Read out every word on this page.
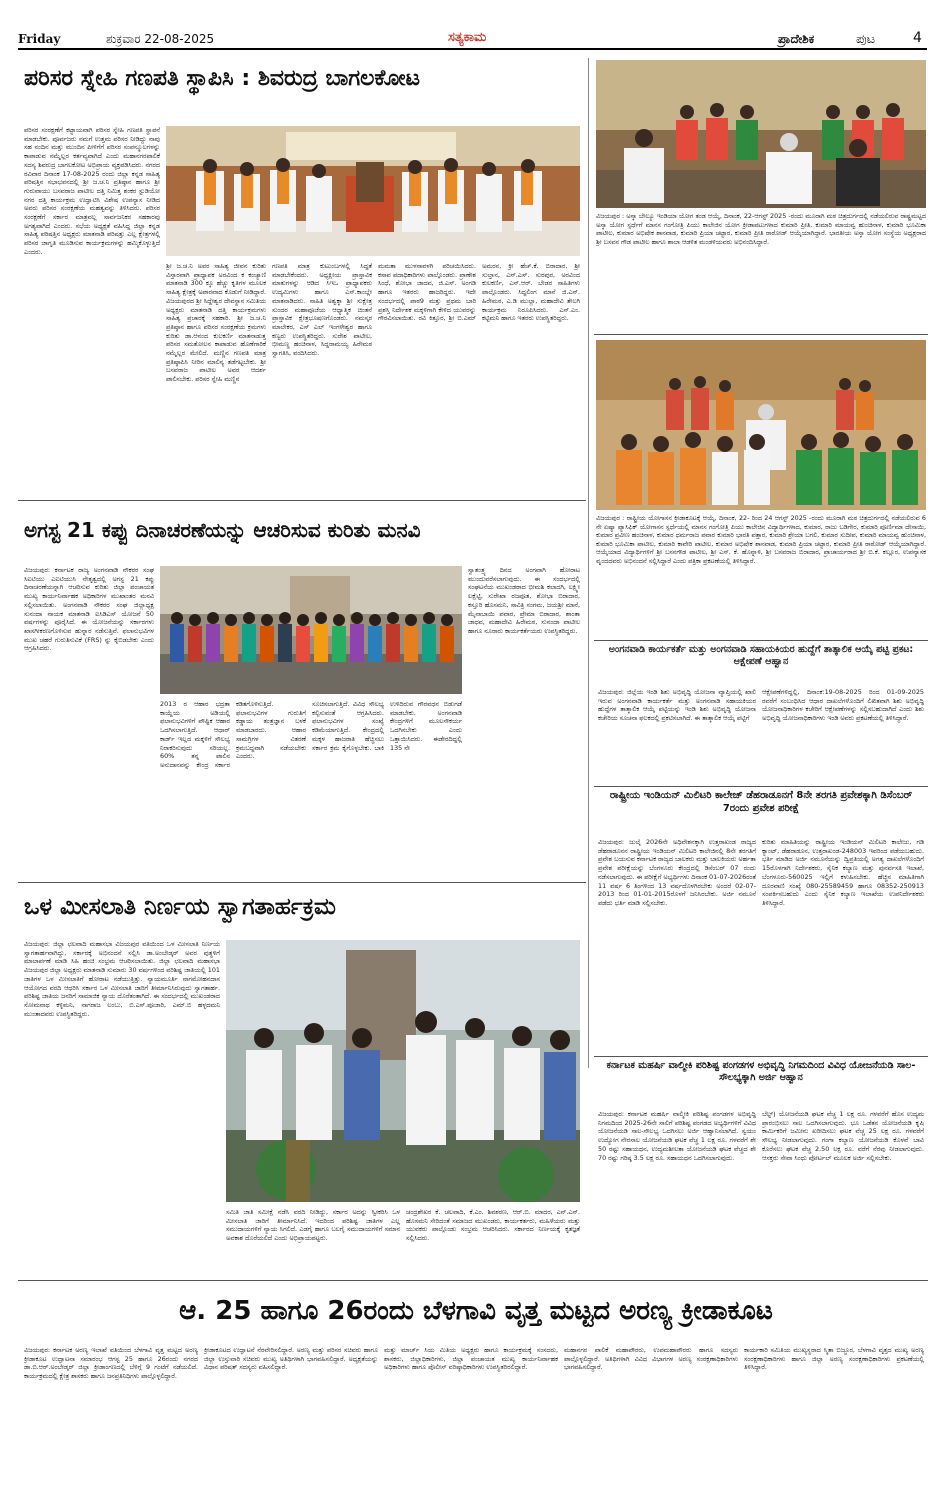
Friday	ಶುಕ್ರವಾರ 22-08-2025	ಸತ್ಯಕಾಮ	ಪ್ರಾದೇಶಿಕ	ಪುಟ	4
ಪರಿಸರ ಸ್ನೇಹಿ ಗಣಪತಿ ಸ್ಥಾಪಿಸಿ : ಶಿವರುದ್ರ ಬಾಗಲಕೋಟ
ಪರಿಸರ ಸಂರಕ್ಷಣೆಗೆ ಕಟ್ಟಾಯವಾಗಿ ಪರಿಸರ ಸ್ನೇಹಿ ಗಣಪತಿ ಸ್ಥಾಪನೆ ಮಾಡಬೇಕು. ಪೂರ್ವಜರು ನಮಗೆ ಉತ್ತಮ ಪರಿಸರ ನೀಡಿದ್ದು ನಾವು ಸಹ ನಂದಿನ ಮತ್ತು ಮುಂದಿನ ಪೀಳಿಗೆಗೆ ಪರಿಸರ ಸಂಪನ್ಮೂಲಗಳನ್ನು ಕಾಪಾಡುವ ನಮ್ಮೆಲ್ಲರ ಕರ್ತವ್ಯವಾಗಿದೆ ಎಂದು ಮಹಾನಗರಪಾಲಿಕೆ ಸದಸ್ಯ ಶಿವರುದ್ರ ಬಾಗಲಕೋಟ ಅಭಿಪ್ರಾಯ ವ್ಯಕ್ತಪಡಿಸಿದರು. ನಗರದ ರವಿವಾರ ದಿನಾಂಕ 17-08-2025 ರಂದು ಜಿಲ್ಲಾ ಕನ್ನಡ ಸಾಹಿತ್ಯ ಪರಿಷತ್ತಿನ ಸಭಾಭವನದಲ್ಲಿ ಶ್ರೀ ಜ.ಚ.ನಿ ಪ್ರತಿಷ್ಠಾನ ಹಾಗೂ ಶ್ರೀ ಗುರುವಾಯು ಬಸವರಾಜ ಪಾಟೀಲ ದತ್ತಿ ನಿಮಿತ್ತ ಶಂಕರ ಸ್ಟುಡಿಯೋ ನಗರ ದತ್ತಿ ಕಾರ್ಯಕ್ರಮ ಉದ್ಘಾಟಿಸಿ ವಿಶೇಷ ಉಪನ್ಯಾಸ ನೀಡಿದ ಅವರು ಪರಿಸರ ಸಂರಕ್ಷಣೆಯ ಮಹತ್ವವನ್ನು ತಿಳಿಸಿದರು. ಪರಿಸರ ಸಂರಕ್ಷಣೆಗೆ ಸರ್ಕಾರ ಮಾತ್ರವಲ್ಲ ಸಾರ್ವಜನಿಕರ ಸಹಕಾರವು ಅಗತ್ಯವಾಗಿದೆ ಎಂದರು. ಸಭೆಯ ಅಧ್ಯಕ್ಷತೆ ವಹಿಸಿದ್ದ ಜಿಲ್ಲಾ ಕನ್ನಡ ಸಾಹಿತ್ಯ ಪರಿಷತ್ತಿನ ಅಧ್ಯಕ್ಷರು ಮಾತನಾಡಿ ಪರಿಷತ್ತು ಎಲ್ಲ ಕ್ಷೇತ್ರಗಳಲ್ಲಿ ಪರಿಸರ ಜಾಗೃತಿ ಮೂಡಿಸುವ ಕಾರ್ಯಕ್ರಮಗಳನ್ನು ಹಮ್ಮಿಕೊಳ್ಳುತ್ತಿದೆ ಎಂದರು.
ಶ್ರೀ ಜ.ಚ.ನಿ ಅವರ ಸಾಹಿತ್ಯ ಜೀವನ ಕುರಿತು ವಿಸ್ತಾರವಾಗಿ ಪ್ರಾಧ್ಯಾಪಕ ಅರವಿಂದ ಕ ಕಂಚ್ಯಾಣಿ ಮಾತನಾಡಿ 300 ಕ್ಕೂ ಹೆಚ್ಚು ಕೃತಿಗಳ ಮೂಲಕ ಸಾಹಿತ್ಯ ಕ್ಷೇತ್ರಕ್ಕೆ ಅಪಾರವಾದ ಕೊಡುಗೆ ನೀಡಿದ್ದಾರೆ. ವಿಜಯಪುರದ ಶ್ರೀ ಸಿದ್ದೇಶ್ವರ ದೇವಸ್ಥಾನ ಸಮಿತಿಯ ಅಧ್ಯಕ್ಷರು ಮಾತನಾಡಿ ದತ್ತಿ ಕಾರ್ಯಕ್ರಮಗಳು ಸಾಹಿತ್ಯ ಪ್ರಚಾರಕ್ಕೆ ಸಹಕಾರಿ. ಶ್ರೀ ಜ.ಚ.ನಿ ಪ್ರತಿಷ್ಠಾನ ಹಾಗೂ ಪರಿಸರ ಸಂರಕ್ಷಣೆಯ ಕ್ರಮಗಳು ಕುರಿತು ಡಾ.ಆನಂದ ಕುಲಕರ್ಣಿ ಮಾತನಾಡುತ್ತ ಪರಿಸರ ಸಮತೋಲನ ಕಾಪಾಡುವ ಹೊಣೆಗಾರಿಕೆ ನಮ್ಮೆಲ್ಲರ ಮೇಲಿದೆ. ಮಣ್ಣಿನ ಗಣಪತಿ ಮಾತ್ರ ಪ್ರತಿಷ್ಠಾಪಿಸಿ ನೀರಿನ ಮಾಲಿನ್ಯ ತಡೆಗಟ್ಟಬೇಕು. ಶ್ರೀ ಬಸವರಾಜ ಪಾಟೀಲ ಅವರ ಆದರ್ಶ ಪಾಲಿಸಬೇಕು. ಪರಿಸರ ಸ್ನೇಹಿ ಮಣ್ಣಿನ
ಗಣಪತಿ ಮಾತ್ರ ಕುಟುಂಬಗಳಲ್ಲಿ ಸಿದ್ಧತೆ ಮಾಡಬೇಕೆಂದರು. ಅಧ್ಯಕ್ಷೀಯ ಪ್ರಾಸ್ತಾವಿಕ ಮಾತುಗಳನ್ನು ಆಡಿದ ಸಿಇಒ ಪ್ರಾಧ್ಯಾಪಕರು ಉದ್ಯಮಿಗಳು ಹಾಗೂ ಎಸ್.ಕಾಂಬ್ಲೇ ಮಾತನಾಡಿದರು. ಸಾಹಿತಿ ಅಶ್ವಕ್ಕಾ ಶ್ರೀ ಸುಕ್ಷೇತ್ರ ಸುಂದರ ಮಹಾಪೂಜೆಯ ಆಧ್ಯಾತ್ಮಿಕ ಚಿಂತನೆ ಪ್ರಾಸ್ತಾವಿಕ ಕ್ಷೇತ್ರಭೂಷಣಗೊಂಡರು. ನಮಸ್ಕರ ಮಾಲೇಕರ, ಎಸ್ ಎಲ್ ಇಂಗಳೇಶ್ವರ ಹಾಗೂ ಕಣ್ವರು ಉಪಸ್ಥಿತರಿದ್ದರು. ಸುರೇಶ ಪಾಟೀಲ, ಭೀಮಣ್ಣ ಹಂಚಿನಾಳ, ಸಿದ್ದರಾಮಯ್ಯ ಹಿರೇಮಠ ಸ್ವಾಗತಿಸಿ, ವಂದಿಸಿದರು.
ಮಮತಾ ಮುಳಸಾವಳಗಿ ಪರಿಚಯಿಸಿದರು. ಕಸಾಪ ಪದಾಧಿಕಾರಿಗಳು ಪಾಲ್ಗೊಂಡರು. ಪ್ರಾಣೇಶ ಸಿಂಧೆ, ಶೋಭಾ ಜಾದವ, ಜಿ.ಎಸ್. ಅಂಗಡಿ ಹಾಗೂ ಇತರರು ಹಾಜರಿದ್ದರು. ಇದೇ ಸಂದರ್ಭದಲ್ಲಿ ಪಾಠ9 ಮತ್ತು ಪ್ರಥಮ ಬಾರಿ ಪ್ರಶಸ್ತಿ ನಿರ್ದೇಶಕ ಮಕ್ಕಳಿಗಾಗಿ ಕೇಳಿದ ಯುವರನ್ನು ಗೌರವಿಸಲಾಯಿತು. ರವಿ ಕಿತ್ತೂರ, ಶ್ರೀ ಬಿ.ಎಮ್ ಅಮರನ, ಕ್ರೀ ಹೆಚ್.ಕೆ. ಬಿರಾದಾರ, ಶ್ರೀ ಸುಲ್ತಾನ, ಎಸ್.ಎಸ್. ಸುರಪುರ, ಅರವಿಂದ ಕುಲಕರ್ಣಿ, ಎಸ್.ಆರ್. ಬೇಡರ ಸಾಹಿತಿಗಳು ಪಾಲ್ಗೊಂಡರು. ಸಿದ್ಧಲಿಂಗ ಮಾನೆ ಜಿ.ಎಸ್. ಹಿರೇಮಠ, ಎ.ಡಿ ಮುಲ್ಲಾ, ಮಹಾದೇವಿ ತೇಲಗಿ ಕಾರ್ಯಕ್ರಮ ನಿರೂಪಿಸಿದರು. ಎಸ್.ಎಂ. ಕಟ್ಟಿಮನಿ ಹಾಗೂ ಇತರರು ಉಪಸ್ಥಿತರಿದ್ದರು.
ವಿಜಯಪುರ : ಅಸ್ಕಾ ಬೇಲ್ಯೂ ಇಂಡಿಯಾ ಯೋಗ ತಂಡ ಆಯ್ಕೆ, ದಿನಾಂಕ, 22-ಆಗಸ್ಟ್ 2025 -ರಂದು ಮೂರಾಗಿ ಮಠ ಚಿತ್ರದುರ್ಗದಲ್ಲಿ ನಡೆಯಲಿರುವ ರಾಷ್ಟ್ರಮಟ್ಟದ ಅಸ್ಕಾ ಯೋಗ ಸ್ಪರ್ಧೆಗೆ ಮಾನಸ ಗಂಗೋತ್ರಿ ಪಿಯು ಕಾಲೇಜಿನ ಯೋಗ ಕ್ರೀಡಾಪಟುಗಳಾದ ಕುಮಾರಿ ಪ್ರೀತಿ, ಕುಮಾರಿ ಮಾಯವ್ವ ಹುಂಚಿನಾಳ, ಕುಮಾರಿ ಭೂಮಿಕಾ ಪಾಟೀಲ, ಕುಮಾರ ಅಭಿಷೇಕ ಶಾನವಾಡ, ಕುಮಾರಿ ಪ್ರಿಯಾ ಚಟ್ಟಾರ, ಕುಮಾರಿ ಪ್ರೀತಿ ರಾಠೋಡ್ ಆಯ್ಕೆಯಾಗಿದ್ದಾರೆ. ಭಾರತೀಯ ಅಸ್ಕಾ ಯೋಗ ಸಂಸ್ಥೆಯ ಅಧ್ಯಕ್ಷರಾದ ಶ್ರೀ ಬಸವನ ಗೌಡ ಪಾಟೀಲ ಹಾಗೂ ಶಾಲಾ ಆಡಳಿತ ಮಂಡಳಿಯವರು ಅಭಿನಂದಿಸಿದ್ದಾರೆ.
ವಿಜಯಪುರ : ರಾಷ್ಟ್ರೀಯ ಯೋಗಾಸನ ಕ್ರೀಡಾಕೂಟಕ್ಕೆ ಆಯ್ಕೆ, ದಿನಾಂಕ, 22- ರಿಂದ 24 ಆಗಸ್ಟ್ 2025 -ರಂದು ಮೂರಾಗಿ ಮಠ ಚಿತ್ರದುರ್ಗದಲ್ಲಿ ನಡೆಯಲಿರುವ 6 ನೇ ಏಷ್ಯಾ ಪ್ಯಾಸಿಫಿಕ್ ಯೋಗಾಸನ ಸ್ಪರ್ಧೆಯಲ್ಲಿ ಮಾನಸ ಗಂಗೋತ್ರಿ ಪಿಯು ಕಾಲೇಜಿನ ವಿದ್ಯಾರ್ಥಿಗಳಾದ, ಕುಮಾರ, ರಾಜು ಬಡಿಗೇರ, ಕುಮಾರಿ ಪೂರ್ಣಿಮಾ ದೇಸಾಯಿ, ಕುಮಾರ ಪ್ರವೀಣ ಹಂಚಿನಾಳ, ಕುಮಾರ ಧರ್ಮರಾಜ ಪವಾರ ಕುಮಾರಿ ಭಾರತಿ ಪತ್ತಾರ, ಕುಮಾರಿ ಶ್ರೇಯಾ ಬಗಲಿ, ಕುಮಾರ ಸುದೀಪ, ಕುಮಾರಿ ಮಾಯವ್ವ ಹುಂಚಿನಾಳ, ಕುಮಾರಿ ಭೂಮಿಕಾ ಪಾಟೀಲ, ಕುಮಾರಿ ಕಾವೇರಿ ಪಾಟೀಲ, ಕುಮಾರ ಅಭಿಷೇಕ ಶಾನವಾಡ, ಕುಮಾರಿ ಪ್ರಿಯಾ ಚಟ್ಟಾರ, ಕುಮಾರಿ ಪ್ರೀತಿ ರಾಠೋಡ್ ಆಯ್ಕೆಯಾಗಿದ್ದಾರೆ. ಆಯ್ಕೆಯಾದ ವಿದ್ಯಾರ್ಥಿಗಳಿಗೆ ಶ್ರೀ ಬಸನಗೌಡ ಪಾಟೀಲ, ಶ್ರೀ ಎಸ್. ಕೆ. ಹೊನ್ನಾಳಿ, ಶ್ರೀ ಬಸವರಾಜ ಬಿರಾದಾರ, ಪ್ರಾಚಾರ್ಯರಾದ ಶ್ರೀ ಬಿ.ಕೆ. ಕಲ್ಲೂರ, ಉಪನ್ಯಾಸಕ ವೃಂದದವರು ಅಭಿನಂದನೆ ಸಲ್ಲಿಸಿದ್ದಾರೆ ಎಂದು ಪತ್ರಿಕಾ ಪ್ರಕಟಣೆಯಲ್ಲಿ ತಿಳಿಸಿದ್ದಾರೆ.
ಅಗಸ್ಟ 21 ಕಪ್ಪು ದಿನಾಚರಣೆಯನ್ನು ಆಚರಿಸುವ ಕುರಿತು ಮನವಿ
ವಿಜಯಪುರ: ಕರ್ನಾಟಕ ರಾಜ್ಯ ಅಂಗನವಾಡಿ ನೌಕರರ ಸಂಘ ಸಿಐಟಿಯು ಎಐಟಿಯುಸಿ ನೇತೃತ್ವದಲ್ಲಿ ಅಗಸ್ಟ 21 ಕಪ್ಪು ದಿನಾಚರಣೆಯನ್ನಾಗಿ ಆಚರಿಸುವ ಕುರಿತು ಜಿಲ್ಲಾ ಪಂಚಾಯತ ಮುಖ್ಯ ಕಾರ್ಯನಿರ್ವಾಹಕ ಅಧಿಕಾರಿಗಳ ಮುಖಾಂತರ ಮನವಿ ಸಲ್ಲಿಸಲಾಯಿತು. ಅಂಗನವಾಡಿ ನೌಕರರ ಸಂಘ ಜಿಲ್ಲಾಧ್ಯಕ್ಷ ಸುನಂದಾ ನಾಯಕ ಮಾತನಾಡಿ ಐಸಿಡಿಎಸ್ ಯೋಜನೆ 50 ವರ್ಷಗಳನ್ನು ಪೂರೈಸಿದೆ. ಈ ಯೋಜನೆಯನ್ನು ಸರ್ಕಾರಗಳು ಖಾಸಗೀಕರಣಗೊಳಿಸುವ ಹುನ್ನಾರ ನಡೆಸುತ್ತಿವೆ. ಫಲಾನುಭವಿಗಳ ಮುಖ ಚಹರೆ ಗುರುತಿಸುವಿಕೆ (FRS) ನ್ನು ಕೈಬಿಡಬೇಕು ಎಂದು ಆಗ್ರಹಿಸಿದರು.
2013 ರ ಆಹಾರ ಭದ್ರತಾ ಕಾಯ್ದೆಯ ಅಡಿಯಲ್ಲಿ ಫಲಾನುಭವಿಗಳಿಗೆ ಪೌಷ್ಟಿಕ ಆಹಾರ ಒದಗಿಸಲಾಗುತ್ತಿದೆ. ಆಧಾರ್ ಕಾರ್ಡ್ ಇಲ್ಲದ ಮಕ್ಕಳಿಗೆ ಸೌಲಭ್ಯ ನಿರಾಕರಿಸುವುದು ಸರಿಯಲ್ಲ. 60% ತನ್ನ ಪಾಲಿನ ಅನುದಾನವನ್ನು ಕೇಂದ್ರ ಸರ್ಕಾರ ಕಡಿತಗೊಳಿಸುತ್ತಿದೆ. ಫಲಾನುಭವಿಗಳ ಗುರುತಿಗೆ ಕಡ್ಡಾಯ ತಂತ್ರಜ್ಞಾನ ಬಳಕೆ ಮಾಡಬಾರದು. ಆಹಾರ ಸಾಮಗ್ರಿಗಳ ವಿತರಣೆ ಕ್ರಮಬದ್ಧವಾಗಿ ನಡೆಯಬೇಕು ಎಂದರು.
ಸೂಚಿಸಲಾಗುತ್ತಿದೆ. ವಿವಿಧ ಸೌಲಭ್ಯ ಕಲ್ಪಿಸುವಂತೆ ಆಗ್ರಹಿಸಿದರು. ಫಲಾನುಭವಿಗಳ ಸಂಖ್ಯೆ ಕಡಿಮೆಯಾಗುತ್ತಿದೆ. ಕೇಂದ್ರದಲ್ಲಿ ಮಕ್ಕಳ ಹಾಜರಾತಿ ಹೆಚ್ಚಿಸಲು ಸರ್ಕಾರ ಕ್ರಮ ಕೈಗೊಳ್ಳಬೇಕು. ಬಾಕಿ ಉಳಿದಿರುವ ಗೌರವಧನ ಬಿಡುಗಡೆ ಮಾಡಬೇಕು. ಅಂಗನವಾಡಿ ಕೇಂದ್ರಗಳಿಗೆ ಮೂಲಸೌಕರ್ಯ ಒದಗಿಸಬೇಕು ಎಂದು ಒತ್ತಾಯಿಸಿದರು. ಈಡೇರದಿದ್ದಲ್ಲಿ 135 ನೇ
ಸ್ವಾತಂತ್ರ್ಯ ದಿನದ ಅಂಗವಾಗಿ ಹೋರಾಟ ಮುಂದುವರೆಸಲಾಗುವುದು. ಈ ಸಂದರ್ಭದಲ್ಲಿ ಸಂಘಟನೆಯ ಮುಖಂಡರಾದ ಭೀಮಶಿ ಕಲಾದಗಿ, ಲಕ್ಷ್ಮೀ ಲಕ್ಷೆಟ್ಟಿ, ಸುರೇಖಾ ರಜಪೂತ, ಶೋಭಾ ಬಿರಾದಾರ, ಕಸ್ತೂರಿ ಹೊಸಮನಿ, ಸಾವಿತ್ರಿ ಸಂಗಮ, ಜಯಶ್ರೀ ಮಾನೆ, ಮೈನಾಬಾಯಿ ಪವಾರ, ಪ್ರೇಮಾ ಬಿರಾದಾರ, ಶಾಂತಾ ಜಾಧವ, ಮಹಾದೇವಿ ಹಿರೇಮಠ, ಸುನಂದಾ ಪಾಟೀಲ ಹಾಗೂ ನೂರಾರು ಕಾರ್ಯಕರ್ತೆಯರು ಉಪಸ್ಥಿತರಿದ್ದರು.
ಅಂಗನವಾಡಿ ಕಾರ್ಯಕರ್ತೆ ಮತ್ತು ಅಂಗನವಾಡಿ ಸಹಾಯಕಿಯರ ಹುದ್ದೆಗೆ ತಾತ್ಕಾಲಿಕ ಆಯ್ಕೆ ಪಟ್ಟಿ ಪ್ರಕಟ: ಆಕ್ಷೇಪಣೆ ಆಹ್ವಾನ
ವಿಜಯಪುರ: ಜಿಲ್ಲೆಯ ಇಂಡಿ ಶಿಶು ಅಭಿವೃದ್ಧಿ ಯೋಜನಾ ವ್ಯಾಪ್ತಿಯಲ್ಲಿ ಖಾಲಿ ಇರುವ ಅಂಗನವಾಡಿ ಕಾರ್ಯಕರ್ತೆ ಮತ್ತು ಅಂಗನವಾಡಿ ಸಹಾಯಕಿಯರ ಹುದ್ದೆಗಳ ತಾತ್ಕಾಲಿಕ ಆಯ್ಕೆ ಪಟ್ಟಿಯನ್ನು ಇಂಡಿ ಶಿಶು ಅಭಿವೃದ್ಧಿ ಯೋಜನಾ ಕಚೇರಿಯ ಸೂಚನಾ ಫಲಕದಲ್ಲಿ ಪ್ರಕಟಿಸಲಾಗಿದೆ. ಈ ತಾತ್ಕಾಲಿಕ ಆಯ್ಕೆ ಪಟ್ಟಿಗೆ
ಆಕ್ಷೇಪಣೆಗಳಿದ್ದಲ್ಲಿ, ದಿನಾಂಕ:19-08-2025 ರಿಂದ 01-09-2025 ರವರೆಗೆ ಸಂಬಂಧಿಸಿದ ಆಧಾರ ದಾಖಲೆಗಳೊಂದಿಗೆ ಲಿಖಿತವಾಗಿ ಶಿಶು ಅಭಿವೃದ್ಧಿ ಯೋಜನಾಧಿಕಾರಿಗಳ ಕಚೇರಿಗೆ ಆಕ್ಷೇಪಣೆಗಳನ್ನು ಸಲ್ಲಿಸಬಹುದಾಗಿದೆ ಎಂದು ಶಿಶು ಅಭಿವೃದ್ಧಿ ಯೋಜನಾಧಿಕಾರಿಗಳು ಇಂಡಿ ಅವರು ಪ್ರಕಟಣೆಯಲ್ಲಿ ತಿಳಿಸಿದ್ದಾರೆ.
ರಾಷ್ಟ್ರೀಯ ಇಂಡಿಯನ್ ಮಿಲಿಟರಿ ಕಾಲೇಜ್ ಡೆಹರಾಡೂನಗೆ 8ನೇ ತರಗತಿ ಪ್ರವೇಶಕ್ಕಾಗಿ ಡಿಸೆಂಬರ್ 7ರಂದು ಪ್ರವೇಶ ಪರೀಕ್ಷೆ
ವಿಜಯಪುರ: ಜುಲೈ 2026ನೇ ಅಧಿವೇಶನಕ್ಕಾಗಿ ಉತ್ತರಾಖಂಡ ರಾಜ್ಯದ ಡೆಹರಾಡೂನನ ರಾಷ್ಟ್ರೀಯ ಇಂಡಿಯನ್ ಮಿಲಿಟರಿ ಕಾಲೇಜಿನಲ್ಲಿ 8ನೇ ತರಗತಿಗೆ ಪ್ರವೇಶ ಬಯಸುವ ಕರ್ನಾಟಕ ರಾಜ್ಯದ ಬಾಲಕರು ಮತ್ತು ಬಾಲಕಿಯರು ಅರ್ಹತಾ ಪ್ರವೇಶ ಪರೀಕ್ಷೆಯನ್ನು ಬೆಂಗಳೂರು ಕೇಂದ್ರದಲ್ಲಿ ಡಿಸೆಂಬರ್ 07 ರಂದು ನಡೆಸಲಾಗುವುದು. ಈ ಪರೀಕ್ಷೆಗೆ ಅಭ್ಯರ್ಥಿಗಳು ದಿನಾಂಕ 01-07-2026ರಂತೆ 11 ವರ್ಷ 6 ತಿಂಗಳಿಂದ 13 ವರ್ಷದೊಳಗಿರಬೇಕು ಅಂದರೆ 02-07-2013 ರಿಂದ 01-01-2015ರೊಳಗೆ ಜನಿಸಿರಬೇಕು. ಅರ್ಜಿ ನಮೂನೆ ಪಡೆದು ಭರ್ತಿ ಮಾಡಿ ಸಲ್ಲಿಸಬೇಕು.
ಕುರಿತು ಮಾಹಿತಿಯನ್ನು ರಾಷ್ಟ್ರೀಯ ಇಂಡಿಯನ್ ಮಿಲಿಟರಿ ಕಾಲೇಜು, ಗಡಿ ಕ್ಯಾಂಟ್, ಡೆಹರಾಡೂನ, ಉತ್ತರಾಖಂಡ-248003 ಇವರಿಂದ ಪಡೆಯಬಹುದು. ಭರ್ತಿ ಮಾಡಿದ ಅರ್ಜಿ ನಮೂನೆಯನ್ನು ದ್ವಿಪ್ರತಿಯಲ್ಲಿ ಅಗತ್ಯ ದಾಖಲೆಗಳೊಂದಿಗೆ 15ರೊಳಗಾಗಿ ನಿರ್ದೇಶಕರು, ಸೈನಿಕ ಕಲ್ಯಾಣ ಮತ್ತು ಪುನರ್ವಸತಿ ಇಲಾಖೆ, ಬೆಂಗಳೂರು-560025 ಇಲ್ಲಿಗೆ ಕಳುಹಿಸಬೇಕು. ಹೆಚ್ಚಿನ ಮಾಹಿತಿಗಾಗಿ ದೂರವಾಣಿ ಸಂಖ್ಯೆ 080-25589459 ಹಾಗೂ 08352-250913 ಸಂಪರ್ಕಿಸಬಹುದು ಎಂದು ಸೈನಿಕ ಕಲ್ಯಾಣ ಇಲಾಖೆಯ ಉಪನಿರ್ದೇಶಕರು ತಿಳಿಸಿದ್ದಾರೆ.
ಒಳ ಮೀಸಲಾತಿ ನಿರ್ಣಯ ಸ್ವಾಗತಾರ್ಹಕ್ರಮ
ವಿಜಯಪುರ: ಜಿಲ್ಲಾ ಛಲವಾದಿ ಮಹಾಸಭಾ ವಿಜಯಪುರ ವತಿಯಿಂದ ಒಳ ಮೀಸಲಾತಿ ನಿರ್ಣಯ ಸ್ವಾಗತಾರ್ಹವಾಗಿದ್ದು, ಸರ್ಕಾರಕ್ಕೆ ಅಭಿನಂದನೆ ಸಲ್ಲಿಸಿ ಡಾ.ಅಂಬೇಡ್ಕರ್ ಅವರ ಪುತ್ಥಳಿಗೆ ಮಾಲಾರ್ಪಣೆ ಮಾಡಿ ಸಿಹಿ ಹಂಚಿ ಸಂಭ್ರಮ ಆಚರಿಸಲಾಯಿತು. ಜಿಲ್ಲಾ ಛಲವಾದಿ ಮಹಾಸಭಾ ವಿಜಯಪುರ ಜಿಲ್ಲಾ ಅಧ್ಯಕ್ಷರು ಮಾತನಾಡಿ ಸುಮಾರು 30 ವರ್ಷಗಳಿಂದ ಪರಿಶಿಷ್ಟ ಜಾತಿಯಲ್ಲಿ 101 ಜಾತಿಗಳ ಒಳ ಮೀಸಲಾತಿಗೆ ಹೋರಾಟ ನಡೆಯುತ್ತಿತ್ತು. ನ್ಯಾಯಮೂರ್ತಿ ನಾಗಮೋಹನದಾಸ ಆಯೋಗದ ವರದಿ ಆಧರಿಸಿ ಸರ್ಕಾರ ಒಳ ಮೀಸಲಾತಿ ಜಾರಿಗೆ ತೀರ್ಮಾನಿಸಿರುವುದು ಸ್ವಾಗತಾರ್ಹ. ಪರಿಶಿಷ್ಟ ಜಾತಿಯ ಜನರಿಗೆ ಸಾಮಾಜಿಕ ನ್ಯಾಯ ದೊರೆತಂತಾಗಿದೆ. ಈ ಸಂದರ್ಭದಲ್ಲಿ ಮುಖಂಡರಾದ ಸೋಮನಾಥ ಕಳ್ಳಿಮನಿ, ನಾಗರಾಜ ಲಂಬು, ಬಿ.ಎಸ್.ಪೂಜಾರಿ, ಎಮ್.ಬಿ ಹಳ್ಳದಮನಿ ಮುಂತಾದವರು ಉಪಸ್ಥಿತರಿದ್ದರು.
ಸಮಿತಿ ಜಾತಿ ಸಮೀಕ್ಷೆ ನಡೆಸಿ ವರದಿ ನೀಡಿದ್ದು, ಸರ್ಕಾರ ಅದನ್ನು ಸ್ವೀಕರಿಸಿ ಒಳ ಮೀಸಲಾತಿ ಜಾರಿಗೆ ತೀರ್ಮಾನಿಸಿದೆ. ಇದರಿಂದ ಪರಿಶಿಷ್ಟ ಜಾತಿಗಳ ಎಲ್ಲ ಸಮುದಾಯಗಳಿಗೆ ನ್ಯಾಯ ಸಿಗಲಿದೆ. ಎಡಗೈ ಹಾಗೂ ಬಲಗೈ ಸಮುದಾಯಗಳಿಗೆ ಸಮಾನ ಅವಕಾಶ ದೊರೆಯಲಿದೆ ಎಂದು ಅಭಿಪ್ರಾಯಪಟ್ಟರು.
ಚಂದ್ರಶೇಖರ ಕೆ. ಚಲವಾದಿ, ಕೆ.ಎಂ. ಶಿವಶರಣ, ಆರ್.ಬಿ. ಮಾದರ, ಎನ್.ಎಸ್. ಹೊಸಮನಿ ಸೇರಿದಂತೆ ಸಮಾಜದ ಮುಖಂಡರು, ಕಾರ್ಯಕರ್ತರು, ಮಹಿಳೆಯರು ಮತ್ತು ಯುವಕರು ಪಾಲ್ಗೊಂಡು ಸಂಭ್ರಮ ಆಚರಿಸಿದರು. ಸರ್ಕಾರದ ನಿರ್ಣಯಕ್ಕೆ ಕೃತಜ್ಞತೆ ಸಲ್ಲಿಸಿದರು.
ಕರ್ನಾಟಕ ಮಹರ್ಷಿ ವಾಲ್ಮೀಕಿ ಪರಿಶಿಷ್ಟ ಪಂಗಡಗಳ ಅಭಿವೃದ್ಧಿ ನಿಗಮದಿಂದ ವಿವಿಧ ಯೋಜನೆಯಡಿ ಸಾಲ-ಸೌಲಭ್ಯಕ್ಕಾಗಿ ಅರ್ಜಿ ಆಹ್ವಾನ
ವಿಜಯಪುರ: ಕರ್ನಾಟಕ ಮಹರ್ಷಿ ವಾಲ್ಮೀಕಿ ಪರಿಶಿಷ್ಟ ಪಂಗಡಗಳ ಅಭಿವೃದ್ಧಿ ನಿಗಮದಿಂದ 2025-26ನೇ ಸಾಲಿಗೆ ಪರಿಶಿಷ್ಟ ಪಂಗಡದ ಅಭ್ಯರ್ಥಿಗಳಿಗೆ ವಿವಿಧ ಯೋಜನೆಯಡಿ ಸಾಲ-ಸೌಲಭ್ಯ ಒದಗಿಸಲು ಅರ್ಜಿ ಆಹ್ವಾನಿಸಲಾಗಿದೆ. ಸ್ವಯಂ ಉದ್ಯೋಗ ನೇರಸಾಲ ಯೋಜನೆಯಡಿ ಘಟಕ ವೆಚ್ಚ 1 ಲಕ್ಷ ರೂ. ಗಳವರೆಗೆ ಶೇ 50 ರಷ್ಟು ಸಹಾಯಧನ, ಉದ್ಯಮಶೀಲತಾ ಯೋಜನೆಯಡಿ ಘಟಕ ವೆಚ್ಚದ ಶೇ 70 ರಷ್ಟು ಗರಿಷ್ಠ 3.5 ಲಕ್ಷ ರೂ. ಸಹಾಯಧನ ಒದಗಿಸಲಾಗುವುದು.
ಬೆಲ್ಟ್) ಯೋಜನೆಯಡಿ ಘಟಕ ವೆಚ್ಚ 1 ಲಕ್ಷ ರೂ. ಗಳವರೆಗೆ ಹೊಸ ಉದ್ಯಮ ಪ್ರಾರಂಭಿಸಲು ಸಾಲ ಒದಗಿಸಲಾಗುವುದು. ಭೂ ಒಡೆತನ ಯೋಜನೆಯಡಿ ಕೃಷಿ ಕಾರ್ಮಿಕರಿಗೆ ಜಮೀನು ಖರೀದಿಸಲು ಘಟಕ ವೆಚ್ಚ 25 ಲಕ್ಷ ರೂ. ಗಳವರೆಗೆ ಸೌಲಭ್ಯ ನೀಡಲಾಗುವುದು. ಗಂಗಾ ಕಲ್ಯಾಣ ಯೋಜನೆಯಡಿ ಕೊಳವೆ ಬಾವಿ ಕೊರೆಸಲು ಘಟಕ ವೆಚ್ಚ 2.50 ಲಕ್ಷ ರೂ. ವರೆಗೆ ನೆರವು ನೀಡಲಾಗುವುದು. ಆಸಕ್ತರು ಸೇವಾ ಸಿಂಧು ಪೋರ್ಟಲ್ ಮೂಲಕ ಅರ್ಜಿ ಸಲ್ಲಿಸಬೇಕು.
ಆ. 25 ಹಾಗೂ 26ರಂದು ಬೆಳಗಾವಿ ವೃತ್ತ ಮಟ್ಟದ ಅರಣ್ಯ ಕ್ರೀಡಾಕೂಟ
ವಿಜಯಪುರ: ಕರ್ನಾಟಕ ಅರಣ್ಯ ಇಲಾಖೆ ವತಿಯಿಂದ ಬೆಳಗಾವಿ ವೃತ್ತ ಮಟ್ಟದ ಅರಣ್ಯ ಕ್ರೀಡಾಕೂಟ ಉದ್ಘಾಟನಾ ಸಮಾರಂಭ ಆಗಸ್ಟ 25 ಹಾಗೂ 26ರಂದು ನಗರದ ಡಾ.ಬಿ.ಆರ್.ಅಂಬೇಡ್ಕರ್ ಜಿಲ್ಲಾ ಕ್ರೀಡಾಂಗಣದಲ್ಲಿ ಬೆಳಿಗ್ಗೆ 9 ಗಂಟೆಗೆ ನಡೆಯಲಿದೆ. ಕಾರ್ಯಕ್ರಮದಲ್ಲಿ ಕ್ಷೇತ್ರ ಶಾಸಕರು ಹಾಗೂ ಜನಪ್ರತಿನಿಧಿಗಳು ಪಾಲ್ಗೊಳ್ಳಲಿದ್ದಾರೆ.
ಕ್ರೀಡಾಕೂಟದ ಉದ್ಘಾಟನೆ ನೆರವೇರಿಸಲಿದ್ದಾರೆ. ಅರಣ್ಯ ಮತ್ತು ಪರಿಸರ ಸಚಿವರು ಹಾಗೂ ಜಿಲ್ಲಾ ಉಸ್ತುವಾರಿ ಸಚಿವರು ಮುಖ್ಯ ಅತಿಥಿಗಳಾಗಿ ಭಾಗವಹಿಸಲಿದ್ದಾರೆ. ಅಧ್ಯಕ್ಷತೆಯನ್ನು ವಿಧಾನ ಪರಿಷತ್ ಸದಸ್ಯರು ವಹಿಸಲಿದ್ದಾರೆ.
ಮತ್ತು ಮಾರ್ಚ್ ಸಿಯ ಮಿತಿಯ ಅಧ್ಯಕ್ಷರು ಹಾಗೂ ಕಾರ್ಯಕ್ರಮಕ್ಕೆ ಸಂಸದರು, ಶಾಸಕರು, ಜಿಲ್ಲಾಧಿಕಾರಿಗಳು, ಜಿಲ್ಲಾ ಪಂಚಾಯತ ಮುಖ್ಯ ಕಾರ್ಯನಿರ್ವಾಹಕ ಅಧಿಕಾರಿಗಳು ಹಾಗೂ ಪೊಲೀಸ್ ವರಿಷ್ಠಾಧಿಕಾರಿಗಳು ಉಪಸ್ಥಿತರಿರಲಿದ್ದಾರೆ.
ಮಹಾನಗರ ಪಾಲಿಕೆ ಮಹಾಪೌರರು, ಉಪಮಹಾಪೌರರು ಹಾಗೂ ಸದಸ್ಯರು ಪಾಲ್ಗೊಳ್ಳಲಿದ್ದಾರೆ. ಅತಿಥಿಗಳಾಗಿ ವಿವಿಧ ವಿಭಾಗಗಳ ಅರಣ್ಯ ಸಂರಕ್ಷಣಾಧಿಕಾರಿಗಳು ಭಾಗವಹಿಸಲಿದ್ದಾರೆ.
ಕಾರ್ಯಕಾರಿ ಸಮಿತಿಯ ಮುಖ್ಯಸ್ಥರಾದ ಸ್ಮಿತಾ ಬಿಜ್ಜೂರ, ಬೆಳಗಾವಿ ವೃತ್ತದ ಮುಖ್ಯ ಅರಣ್ಯ ಸಂರಕ್ಷಣಾಧಿಕಾರಿಗಳು ಹಾಗೂ ಜಿಲ್ಲಾ ಅರಣ್ಯ ಸಂರಕ್ಷಣಾಧಿಕಾರಿಗಳು ಪ್ರಕಟಣೆಯಲ್ಲಿ ತಿಳಿಸಿದ್ದಾರೆ.
